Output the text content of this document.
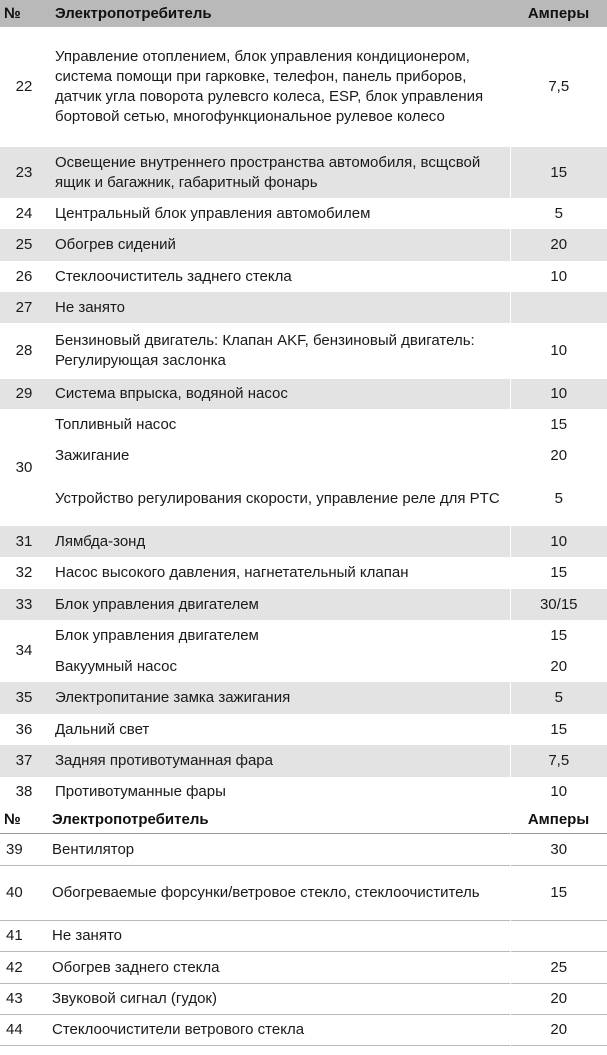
№	Электропотребитель	Амперы
22	Управление отоплением, блок управления кондиционером, система помощи при гарковке, телефон, панель приборов, датчик угла поворота рулевсго колеса, ESP, блок управления бортовой сетью, многофункциональное рулевое колесо	7,5
23	Освещение внутреннего пространства автомобиля, всщсвой ящик и багажник, габаритный фонарь	15
24	Центральный блок управления автомобилем	5
25	Обогрев сидений	20
26	Стеклоочиститель заднего стекла	10
27	Не занято	
28	Бензиновый двигатель: Клапан AKF, бензиновый двигатель: Регулирующая заслонка	10
29	Система впрыска, водяной насос	10
30	Топливный насос	15
	Зажигание	20
	Устройство регулирования скорости, управление реле для PTC	5
31	Лямбда-зонд	10
32	Насос высокого давления, нагнетательный клапан	15
33	Блок управления двигателем	30/15
34	Блок управления двигателем	15
	Вакуумный насос	20
35	Электропитание замка зажигания	5
36	Дальний свет	15
37	Задняя противотуманная фара	7,5
38	Противотуманные фары	10
№	Электропотребитель	Амперы
39	Вентилятор	30
40	Обогреваемые форсунки/ветровое стекло, стеклоочиститель	15
41	Не занято	
42	Обогрев заднего стекла	25
43	Звуковой сигнал (гудок)	20
44	Стеклоочистители ветрового стекла	20
